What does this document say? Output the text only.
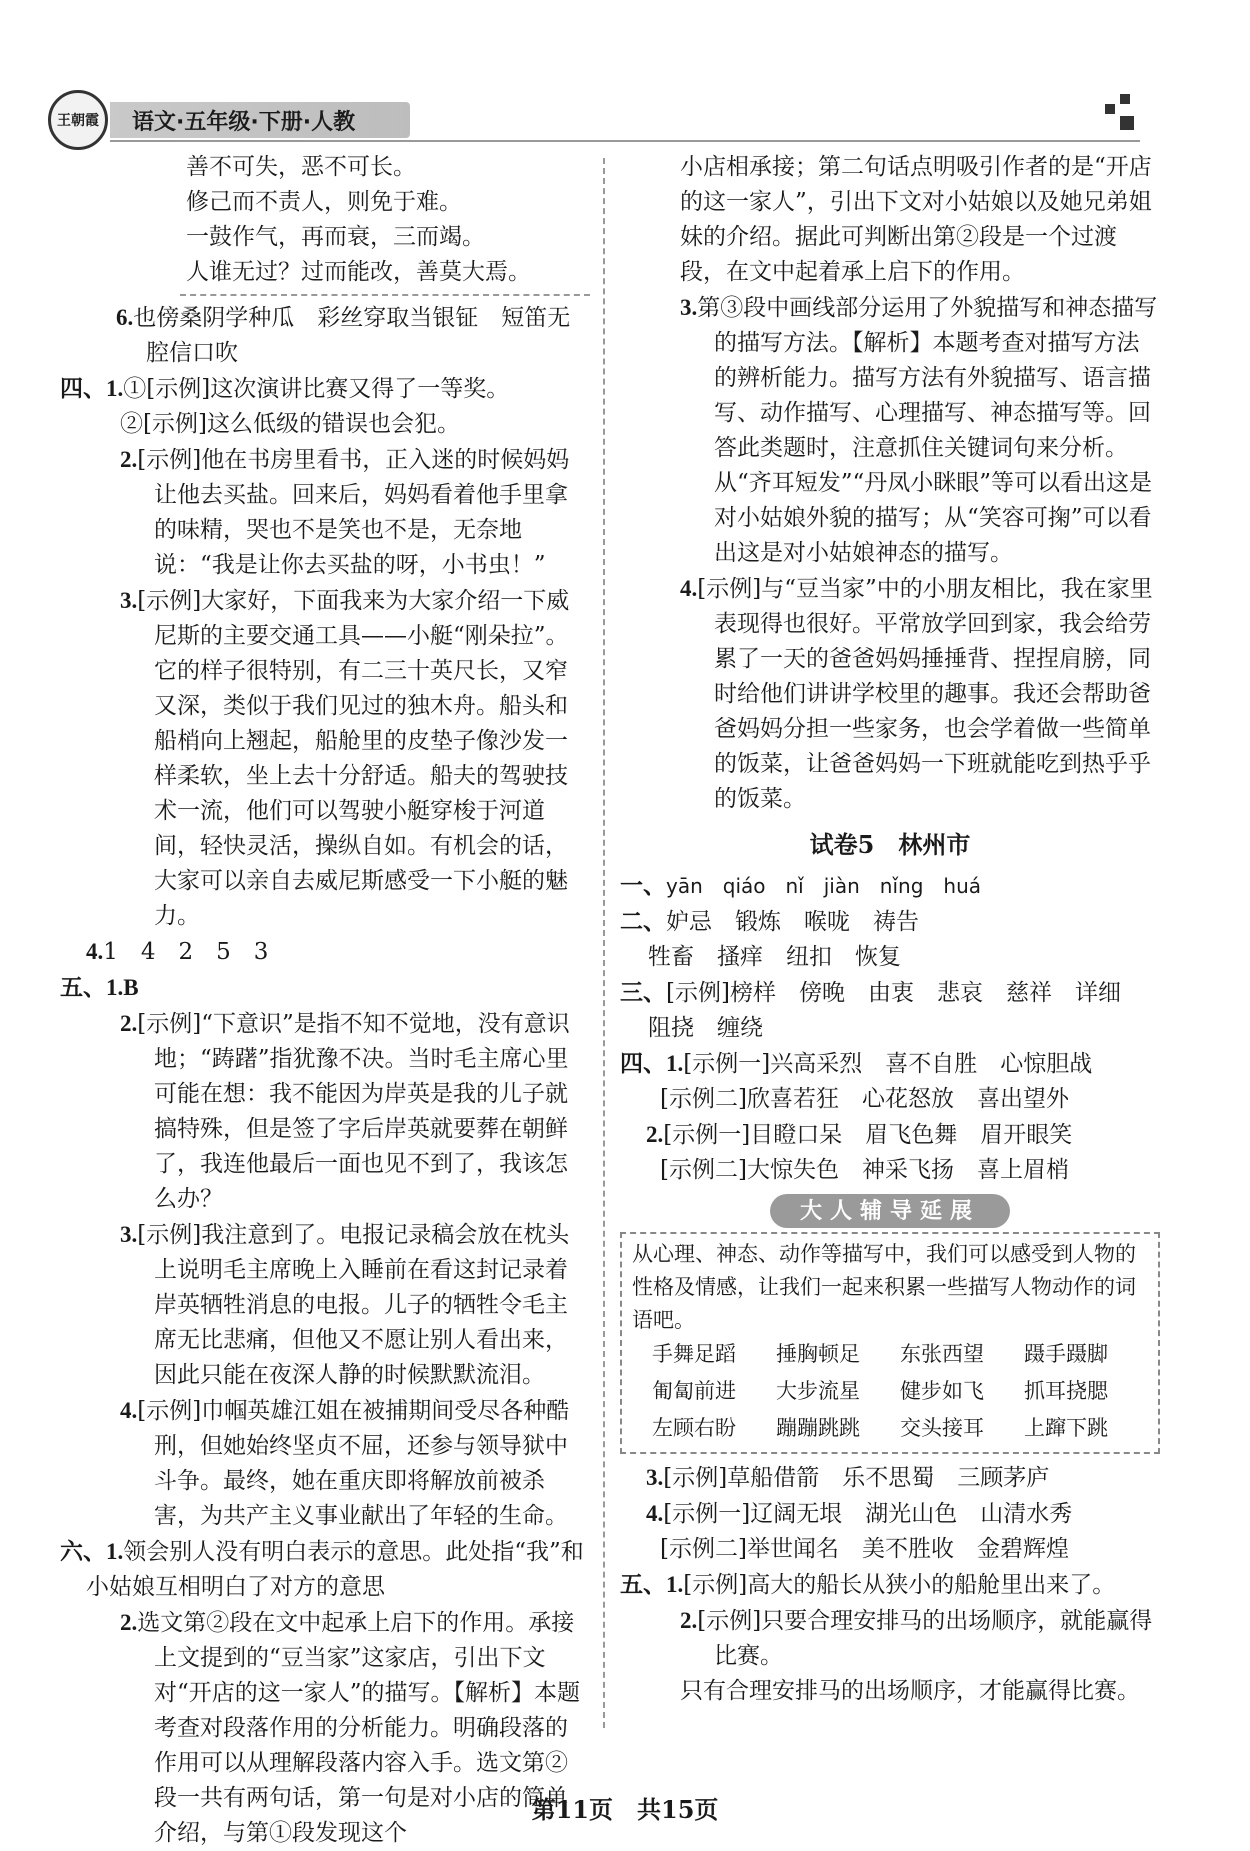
王朝霞	语文·五年级·下册·人教

善不可失，恶不可长。

修己而不责人，则免于难。

一鼓作气，再而衰，三而竭。

人谁无过？过而能改，善莫大焉。

6.也傍桑阴学种瓜　彩丝穿取当银钲　短笛无腔信口吹

四、1.①[示例]这次演讲比赛又得了一等奖。

②[示例]这么低级的错误也会犯。

2.[示例]他在书房里看书，正入迷的时候妈妈让他去买盐。回来后，妈妈看着他手里拿的味精，哭也不是笑也不是，无奈地说：“我是让你去买盐的呀，小书虫！”

3.[示例]大家好，下面我来为大家介绍一下威尼斯的主要交通工具——小艇“刚朵拉”。它的样子很特别，有二三十英尺长，又窄又深，类似于我们见过的独木舟。船头和船梢向上翘起，船舱里的皮垫子像沙发一样柔软，坐上去十分舒适。船夫的驾驶技术一流，他们可以驾驶小艇穿梭于河道间，轻快灵活，操纵自如。有机会的话，大家可以亲自去威尼斯感受一下小艇的魅力。

4.1　4　2　5　3

五、1.B

2.[示例]“下意识”是指不知不觉地，没有意识地；“踌躇”指犹豫不决。当时毛主席心里可能在想：我不能因为岸英是我的儿子就搞特殊，但是签了字后岸英就要葬在朝鲜了，我连他最后一面也见不到了，我该怎么办？

3.[示例]我注意到了。电报记录稿会放在枕头上说明毛主席晚上入睡前在看这封记录着岸英牺牲消息的电报。儿子的牺牲令毛主席无比悲痛，但他又不愿让别人看出来，因此只能在夜深人静的时候默默流泪。

4.[示例]巾帼英雄江姐在被捕期间受尽各种酷刑，但她始终坚贞不屈，还参与领导狱中斗争。最终，她在重庆即将解放前被杀害，为共产主义事业献出了年轻的生命。

六、1.领会别人没有明白表示的意思。此处指“我”和小姑娘互相明白了对方的意思

2.选文第②段在文中起承上启下的作用。承接上文提到的“豆当家”这家店，引出下文对“开店的这一家人”的描写。【解析】本题考查对段落作用的分析能力。明确段落的作用可以从理解段落内容入手。选文第②段一共有两句话，第一句是对小店的简单介绍，与第①段发现这个

小店相承接；第二句话点明吸引作者的是“开店的这一家人”，引出下文对小姑娘以及她兄弟姐妹的介绍。据此可判断出第②段是一个过渡段，在文中起着承上启下的作用。

3.第③段中画线部分运用了外貌描写和神态描写的描写方法。【解析】本题考查对描写方法的辨析能力。描写方法有外貌描写、语言描写、动作描写、心理描写、神态描写等。回答此类题时，注意抓住关键词句来分析。从“齐耳短发”“丹凤小眯眼”等可以看出这是对小姑娘外貌的描写；从“笑容可掬”可以看出这是对小姑娘神态的描写。

4.[示例]与“豆当家”中的小朋友相比，我在家里表现得也很好。平常放学回到家，我会给劳累了一天的爸爸妈妈捶捶背、捏捏肩膀，同时给他们讲讲学校里的趣事。我还会帮助爸爸妈妈分担一些家务，也会学着做一些简单的饭菜，让爸爸妈妈一下班就能吃到热乎乎的饭菜。

试卷5　林州市

一、yān　qiáo　nǐ　jiàn　nǐng　huá

二、妒忌　锻炼　喉咙　祷告

牲畜　搔痒　纽扣　恢复

三、[示例]榜样　傍晚　由衷　悲哀　慈祥　详细

阻挠　缠绕

四、1.[示例一]兴高采烈　喜不自胜　心惊胆战

[示例二]欣喜若狂　心花怒放　喜出望外

2.[示例一]目瞪口呆　眉飞色舞　眉开眼笑

[示例二]大惊失色　神采飞扬　喜上眉梢

大人辅导延展

从心理、神态、动作等描写中，我们可以感受到人物的性格及情感，让我们一起来积累一些描写人物动作的词语吧。

手舞足蹈	捶胸顿足	东张西望	蹑手蹑脚
匍匐前进	大步流星	健步如飞	抓耳挠腮
左顾右盼	蹦蹦跳跳	交头接耳	上蹿下跳

3.[示例]草船借箭　乐不思蜀　三顾茅庐

4.[示例一]辽阔无垠　湖光山色　山清水秀

[示例二]举世闻名　美不胜收　金碧辉煌

五、1.[示例]高大的船长从狭小的船舱里出来了。

2.[示例]只要合理安排马的出场顺序，就能赢得比赛。

只有合理安排马的出场顺序，才能赢得比赛。

第11页　共15页
